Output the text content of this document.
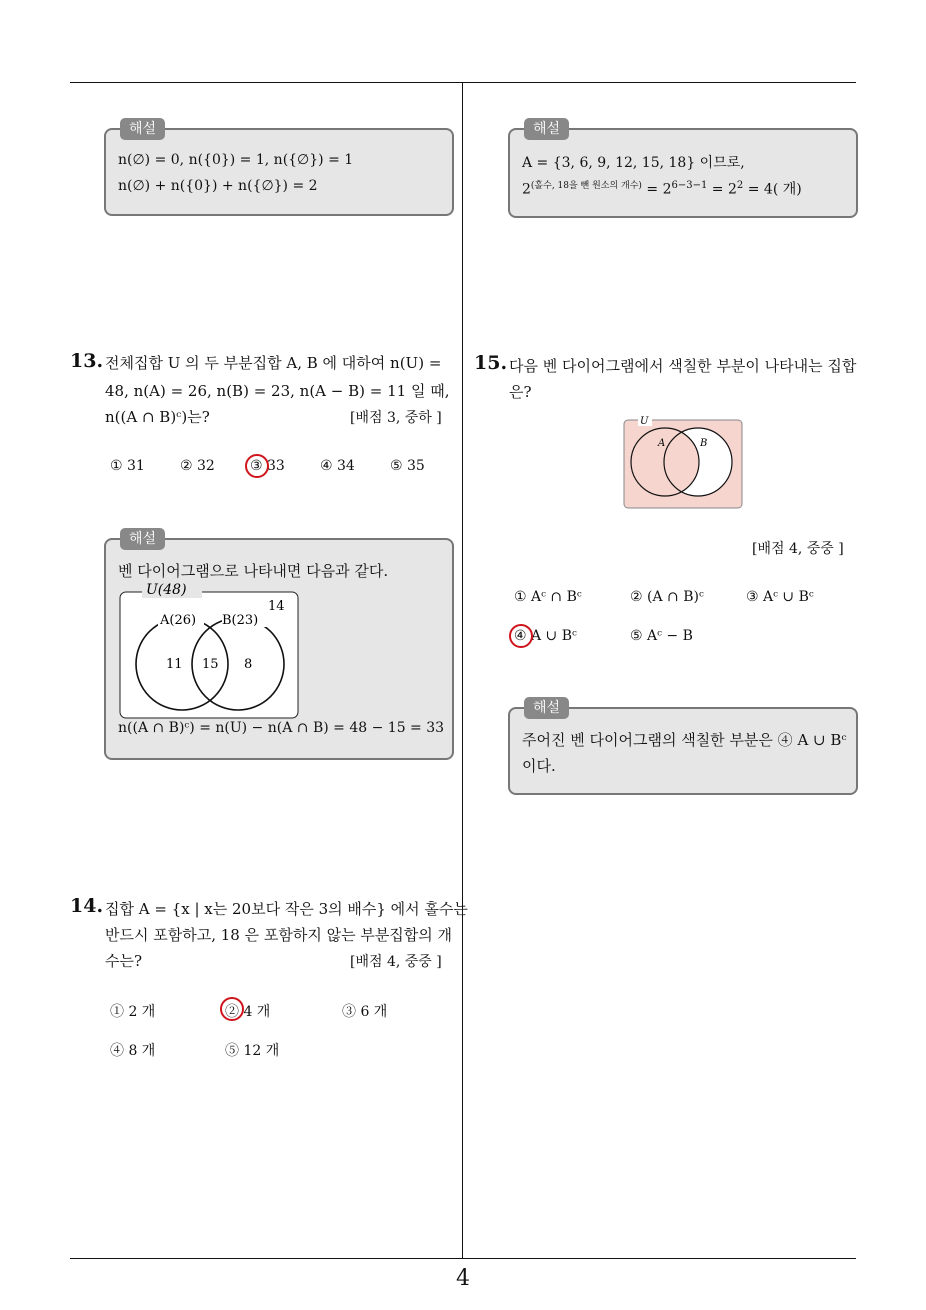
4
해설
n(∅) = 0, n({0}) = 1, n({∅}) = 1
n(∅) + n({0}) + n({∅}) = 2
13. 전체집합 U 의 두 부분집합 A, B 에 대하여 n(U) =
48, n(A) = 26, n(B) = 23, n(A − B) = 11 일 때,
n((A ∩ B)ᶜ)는?	[배점 3, 중하 ]
① 31	② 32	③ 33	④ 34	⑤ 35
해설
벤 다이어그램으로 나타내면 다음과 같다.
U(48)
14
A(26) B(23)
11 15 8
n((A ∩ B)ᶜ) = n(U) − n(A ∩ B) = 48 − 15 = 33
14. 집합 A = {x | x는 20보다 작은 3의 배수} 에서 홀수는
반드시 포함하고, 18 은 포함하지 않는 부분집합의 개
수는?	[배점 4, 중중 ]
① 2 개	② 4 개	③ 6 개
④ 8 개	⑤ 12 개
해설
A = {3, 6, 9, 12, 15, 18} 이므로,
$2^{(홀수, 18을 뺀 원소의 개수)} = 2^{6-3-1} = 2^2 = 4$( 개)
15. 다음 벤 다이어그램에서 색칠한 부분이 나타내는 집합
은?
U
A	B
[배점 4, 중중 ]
① Aᶜ ∩ Bᶜ	② (A ∩ B)ᶜ	③ Aᶜ ∪ Bᶜ
④ A ∪ Bᶜ	⑤ Aᶜ − B
해설
주어진 벤 다이어그램의 색칠한 부분은 ④ A ∪ Bᶜ
이다.
